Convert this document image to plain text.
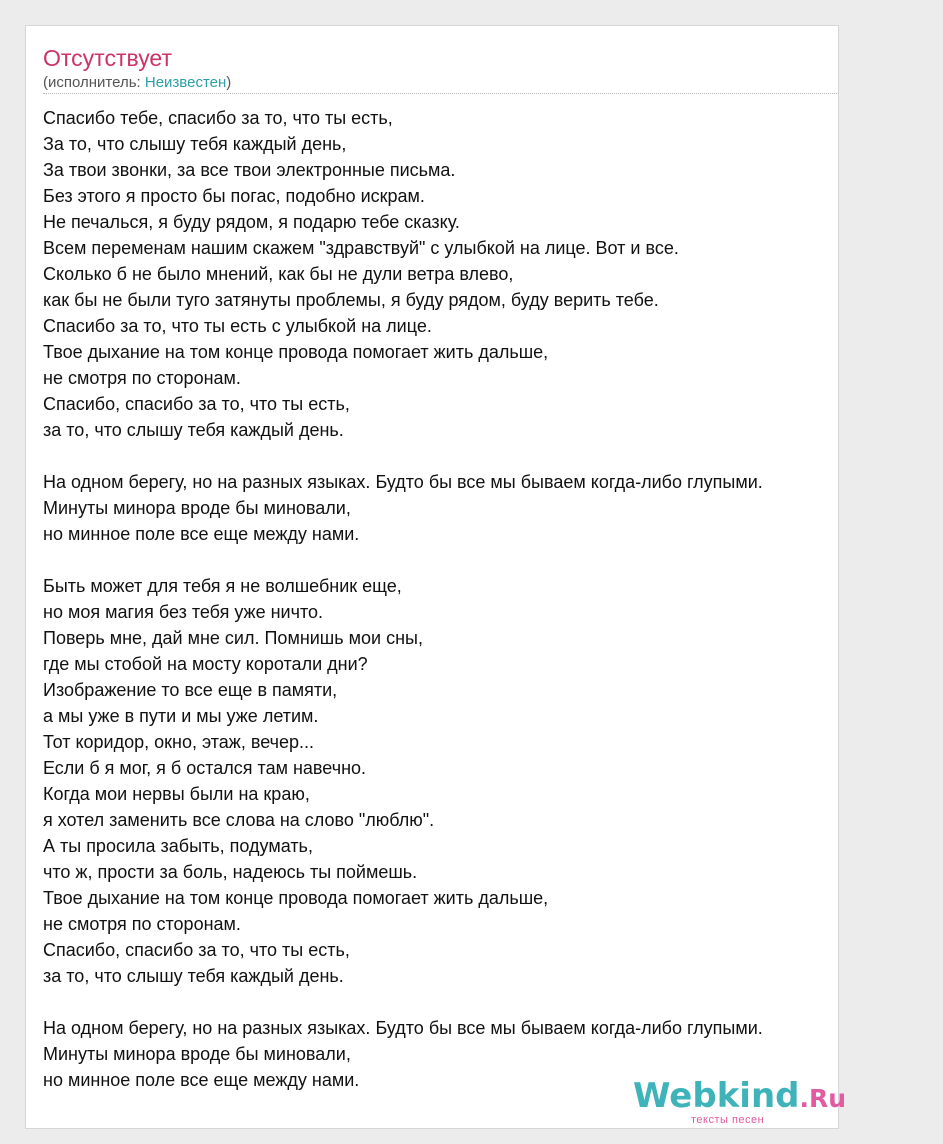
Отсутствует
(исполнитель: Неизвестен)
Спасибо тебе, спасибо за то, что ты есть,
За то, что слышу тебя каждый день,
За твои звонки, за все твои электронные письма.
Без этого я просто бы погас, подобно искрам.
Не печалься, я буду рядом, я подарю тебе сказку.
Всем переменам нашим скажем "здравствуй" с улыбкой на лице. Вот и все.
Сколько б не было мнений, как бы не дули ветра влево,
как бы не были туго затянуты проблемы, я буду рядом, буду верить тебе.
Спасибо за то, что ты есть с улыбкой на лице.
Твое дыхание на том конце провода помогает жить дальше,
не смотря по сторонам.
Спасибо, спасибо за то, что ты есть,
за то, что слышу тебя каждый день.
На одном берегу, но на разных языках. Будто бы все мы бываем когда-либо глупыми.
Минуты минора вроде бы миновали,
но минное поле все еще между нами.
Быть может для тебя я не волшебник еще,
но моя магия без тебя уже ничто.
Поверь мне, дай мне сил. Помнишь мои сны,
где мы стобой на мосту коротали дни?
Изображение то все еще в памяти,
а мы уже в пути и мы уже летим.
Тот коридор, окно, этаж, вечер...
Если б я мог, я б остался там навечно.
Когда мои нервы были на краю,
я хотел заменить все слова на слово "люблю".
А ты просила забыть, подумать,
что ж, прости за боль, надеюсь ты поймешь.
Твое дыхание на том конце провода помогает жить дальше,
не смотря по сторонам.
Спасибо, спасибо за то, что ты есть,
за то, что слышу тебя каждый день.
На одном берегу, но на разных языках. Будто бы все мы бываем когда-либо глупыми.
Минуты минора вроде бы миновали,
но минное поле все еще между нами.	Webkind.Ru
тексты песен
